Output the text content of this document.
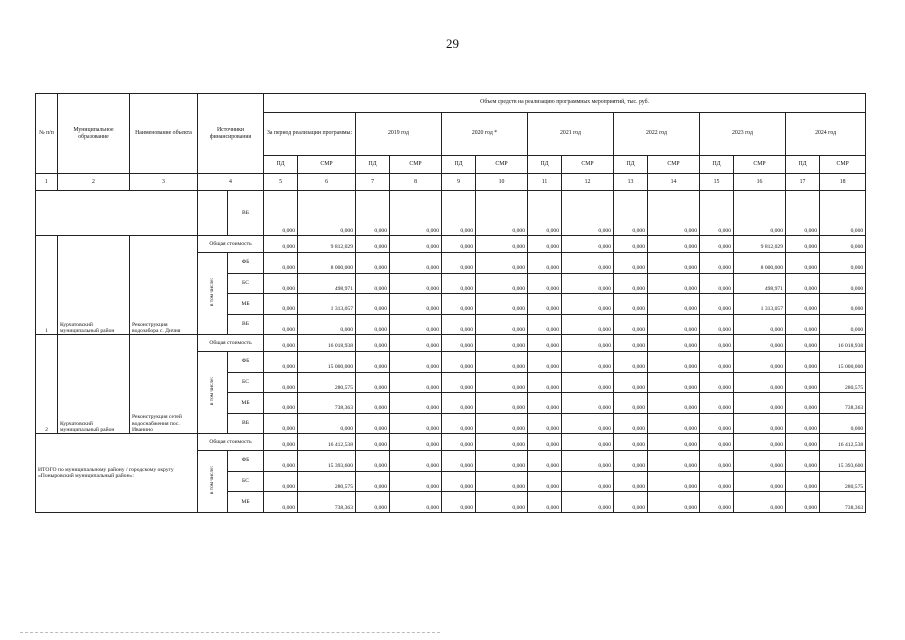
29
№ п/п	Муниципальное образование	Наименование объекта	Источники финансирования		Объем средств на реализацию программных мероприятий, тыс. руб.													
					За период реализации программы:		2019 год		2020 год *		2021 год		2022 год		2023 год		2024 год	
					ПД	СМР	ПД	СМР	ПД	СМР	ПД	СМР	ПД	СМР	ПД	СМР	ПД	СМР
1	2	3	4		5	6	7	8	9	10	11	12	13	14	15	16	17	18
				ВБ	0,000	0,000	0,000	0,000	0,000	0,000	0,000	0,000	0,000	0,000	0,000	0,000	0,000	0,000
1	Курчатовский муниципальный район	Реконструкция водозабора с. Дичня	Общая стоимость		0,000	9 812,029	0,000	0,000	0,000	0,000	0,000	0,000	0,000	0,000	0,000	9 812,029	0,000	0,000
			в том числе:	ФБ	0,000	8 000,000	0,000	0,000	0,000	0,000	0,000	0,000	0,000	0,000	0,000	8 000,000	0,000	0,000
				БС	0,000	498,971	0,000	0,000	0,000	0,000	0,000	0,000	0,000	0,000	0,000	498,971	0,000	0,000
				МБ	0,000	1 313,057	0,000	0,000	0,000	0,000	0,000	0,000	0,000	0,000	0,000	1 313,057	0,000	0,000
				ВБ	0,000	0,000	0,000	0,000	0,000	0,000	0,000	0,000	0,000	0,000	0,000	0,000	0,000	0,000
2	Курчатовский муниципальный район	Реконструкция сетей водоснабжения пос. Иванино	Общая стоимость		0,000	16 018,938	0,000	0,000	0,000	0,000	0,000	0,000	0,000	0,000	0,000	0,000	0,000	16 018,938
			в том числе:	ФБ	0,000	15 000,000	0,000	0,000	0,000	0,000	0,000	0,000	0,000	0,000	0,000	0,000	0,000	15 000,000
				БС	0,000	280,575	0,000	0,000	0,000	0,000	0,000	0,000	0,000	0,000	0,000	0,000	0,000	280,575
				МБ	0,000	738,363	0,000	0,000	0,000	0,000	0,000	0,000	0,000	0,000	0,000	0,000	0,000	738,363
				ВБ	0,000	0,000	0,000	0,000	0,000	0,000	0,000	0,000	0,000	0,000	0,000	0,000	0,000	0,000
ИТОГО по муниципальному району / городскому округу «Поныровский муниципальный район»:			Общая стоимость		0,000	16 412,538	0,000	0,000	0,000	0,000	0,000	0,000	0,000	0,000	0,000	0,000	0,000	16 412,538
			в том числе:	ФБ	0,000	15 393,600	0,000	0,000	0,000	0,000	0,000	0,000	0,000	0,000	0,000	0,000	0,000	15 393,600
				БС	0,000	280,575	0,000	0,000	0,000	0,000	0,000	0,000	0,000	0,000	0,000	0,000	0,000	280,575
				МБ	0,000	738,363	0,000	0,000	0,000	0,000	0,000	0,000	0,000	0,000	0,000	0,000	0,000	738,363
